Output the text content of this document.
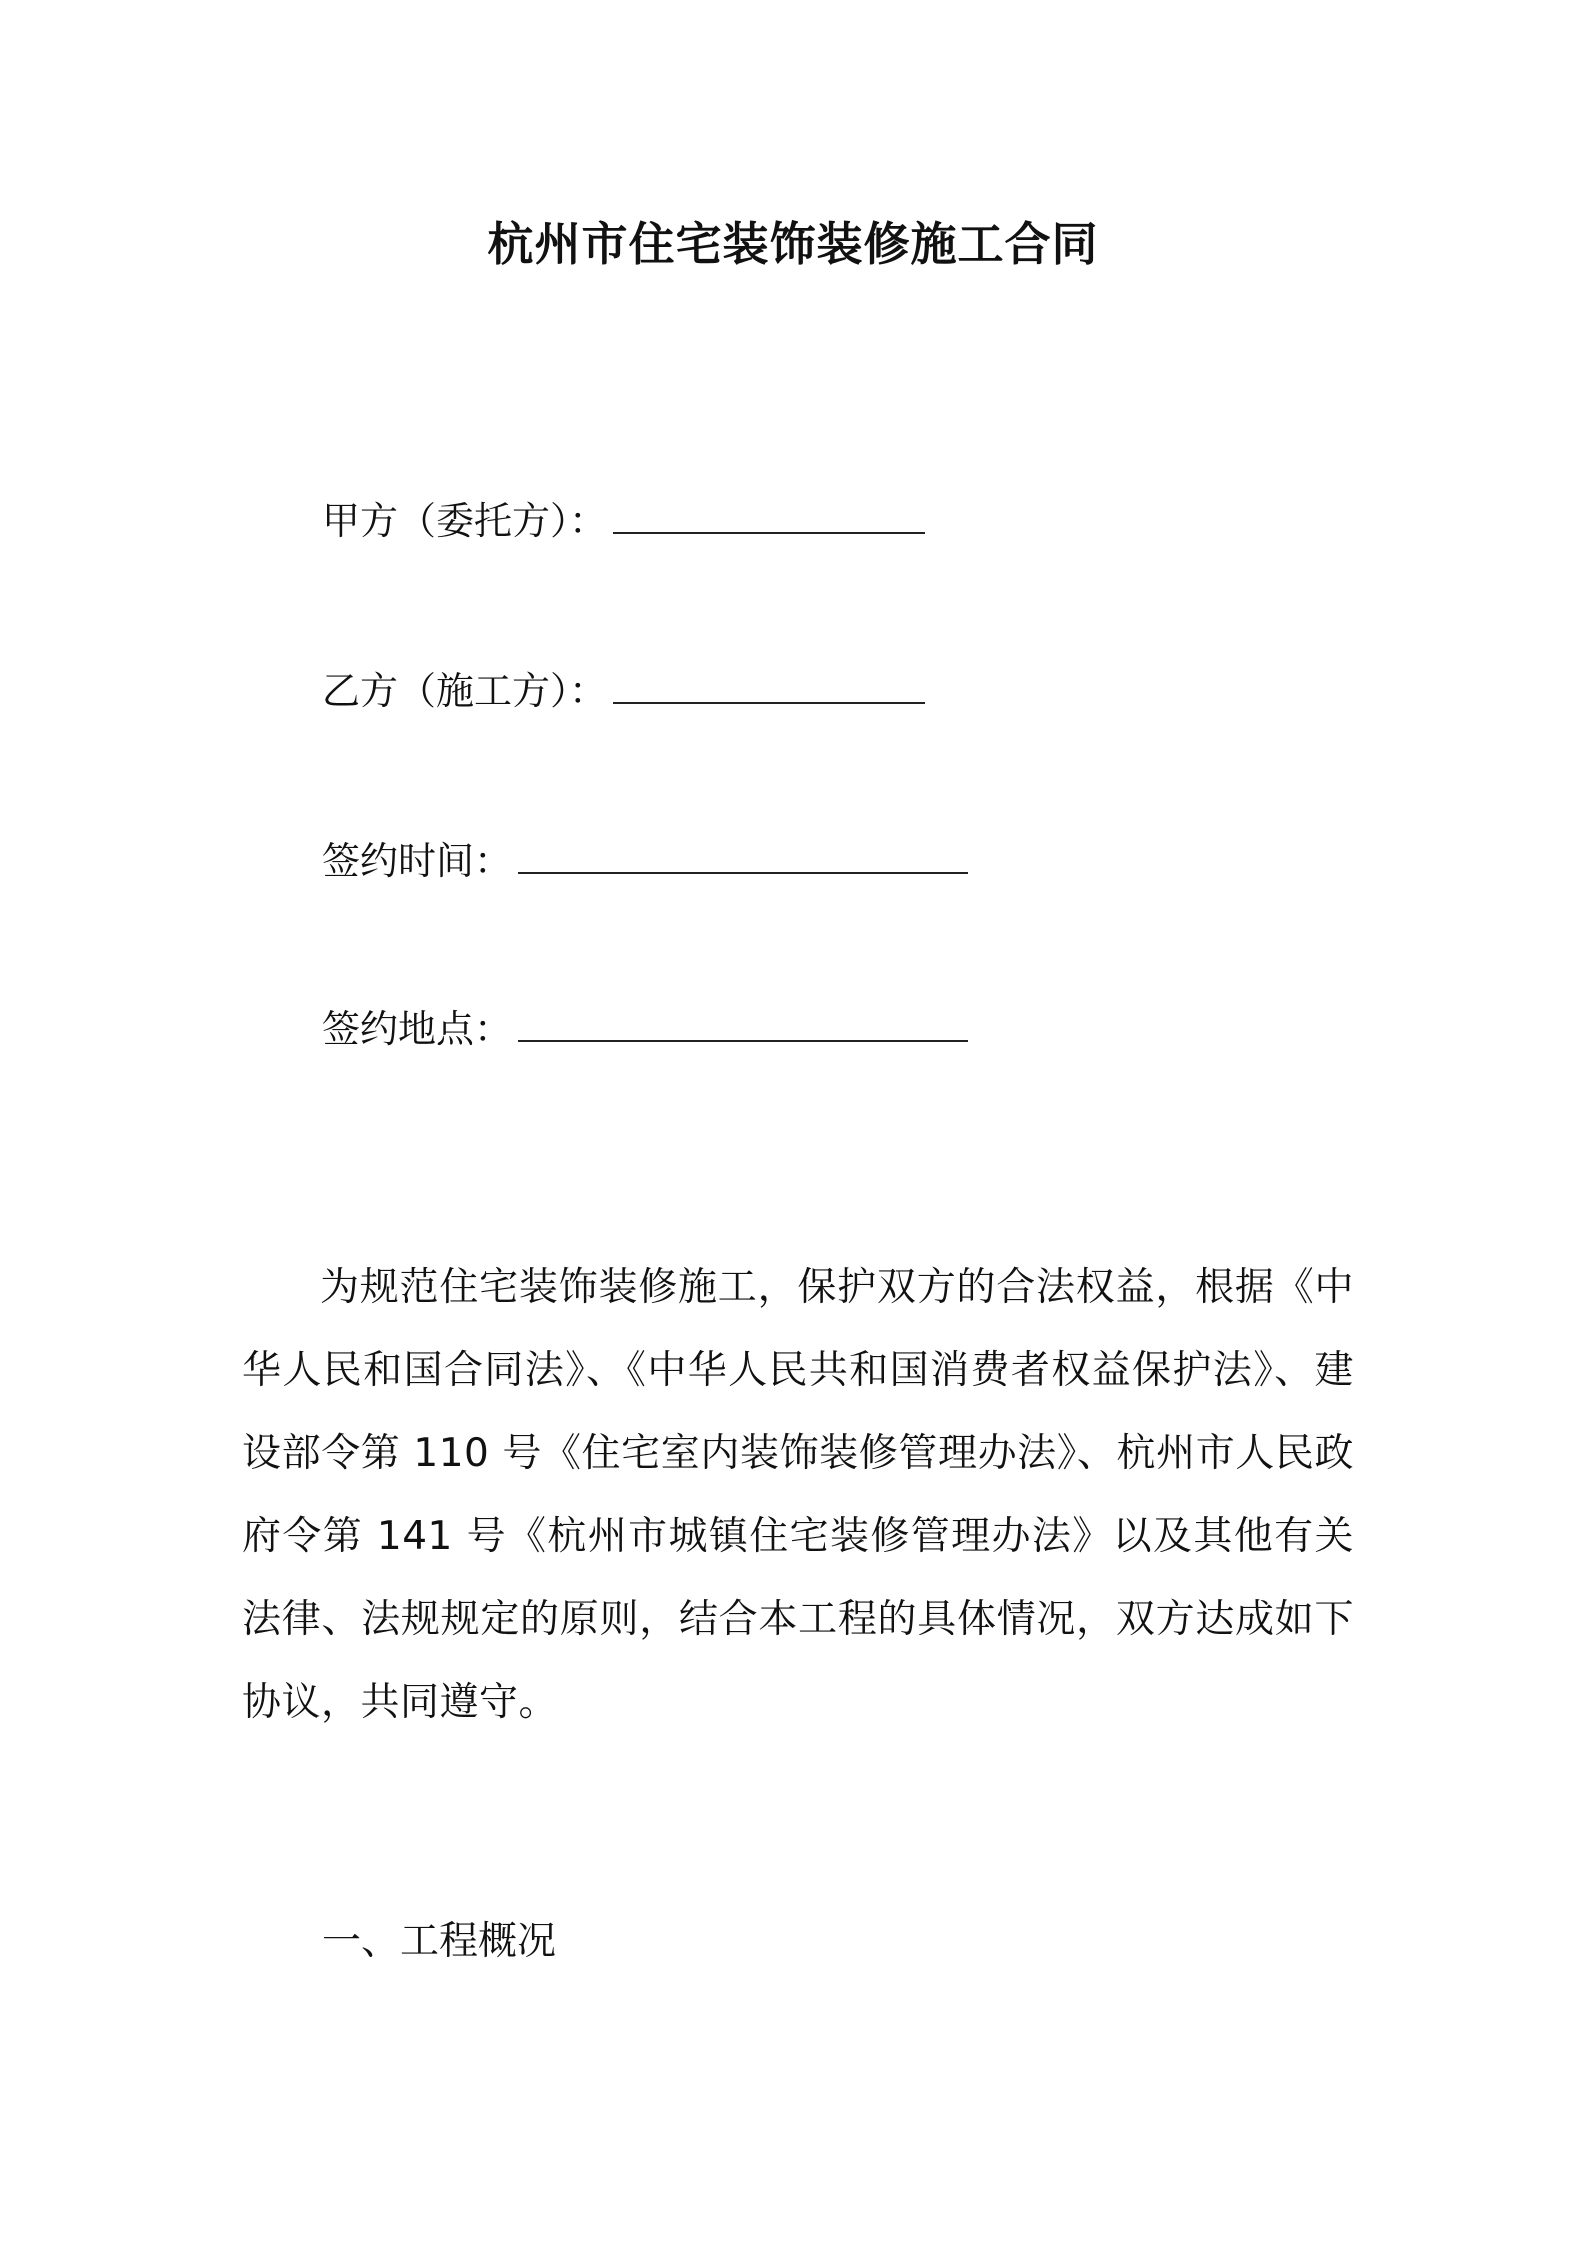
杭州市住宅装饰装修施工合同
甲方（委托方）：
乙方（施工方）：
签约时间：
签约地点：
为规范住宅装饰装修施工，保护双方的合法权益，根据《中华人民和国合同法》、《中华人民共和国消费者权益保护法》、建设部令第 110 号《住宅室内装饰装修管理办法》、杭州市人民政府令第 141 号《杭州市城镇住宅装修管理办法》以及其他有关法律、法规规定的原则，结合本工程的具体情况，双方达成如下协议，共同遵守。
一、工程概况
